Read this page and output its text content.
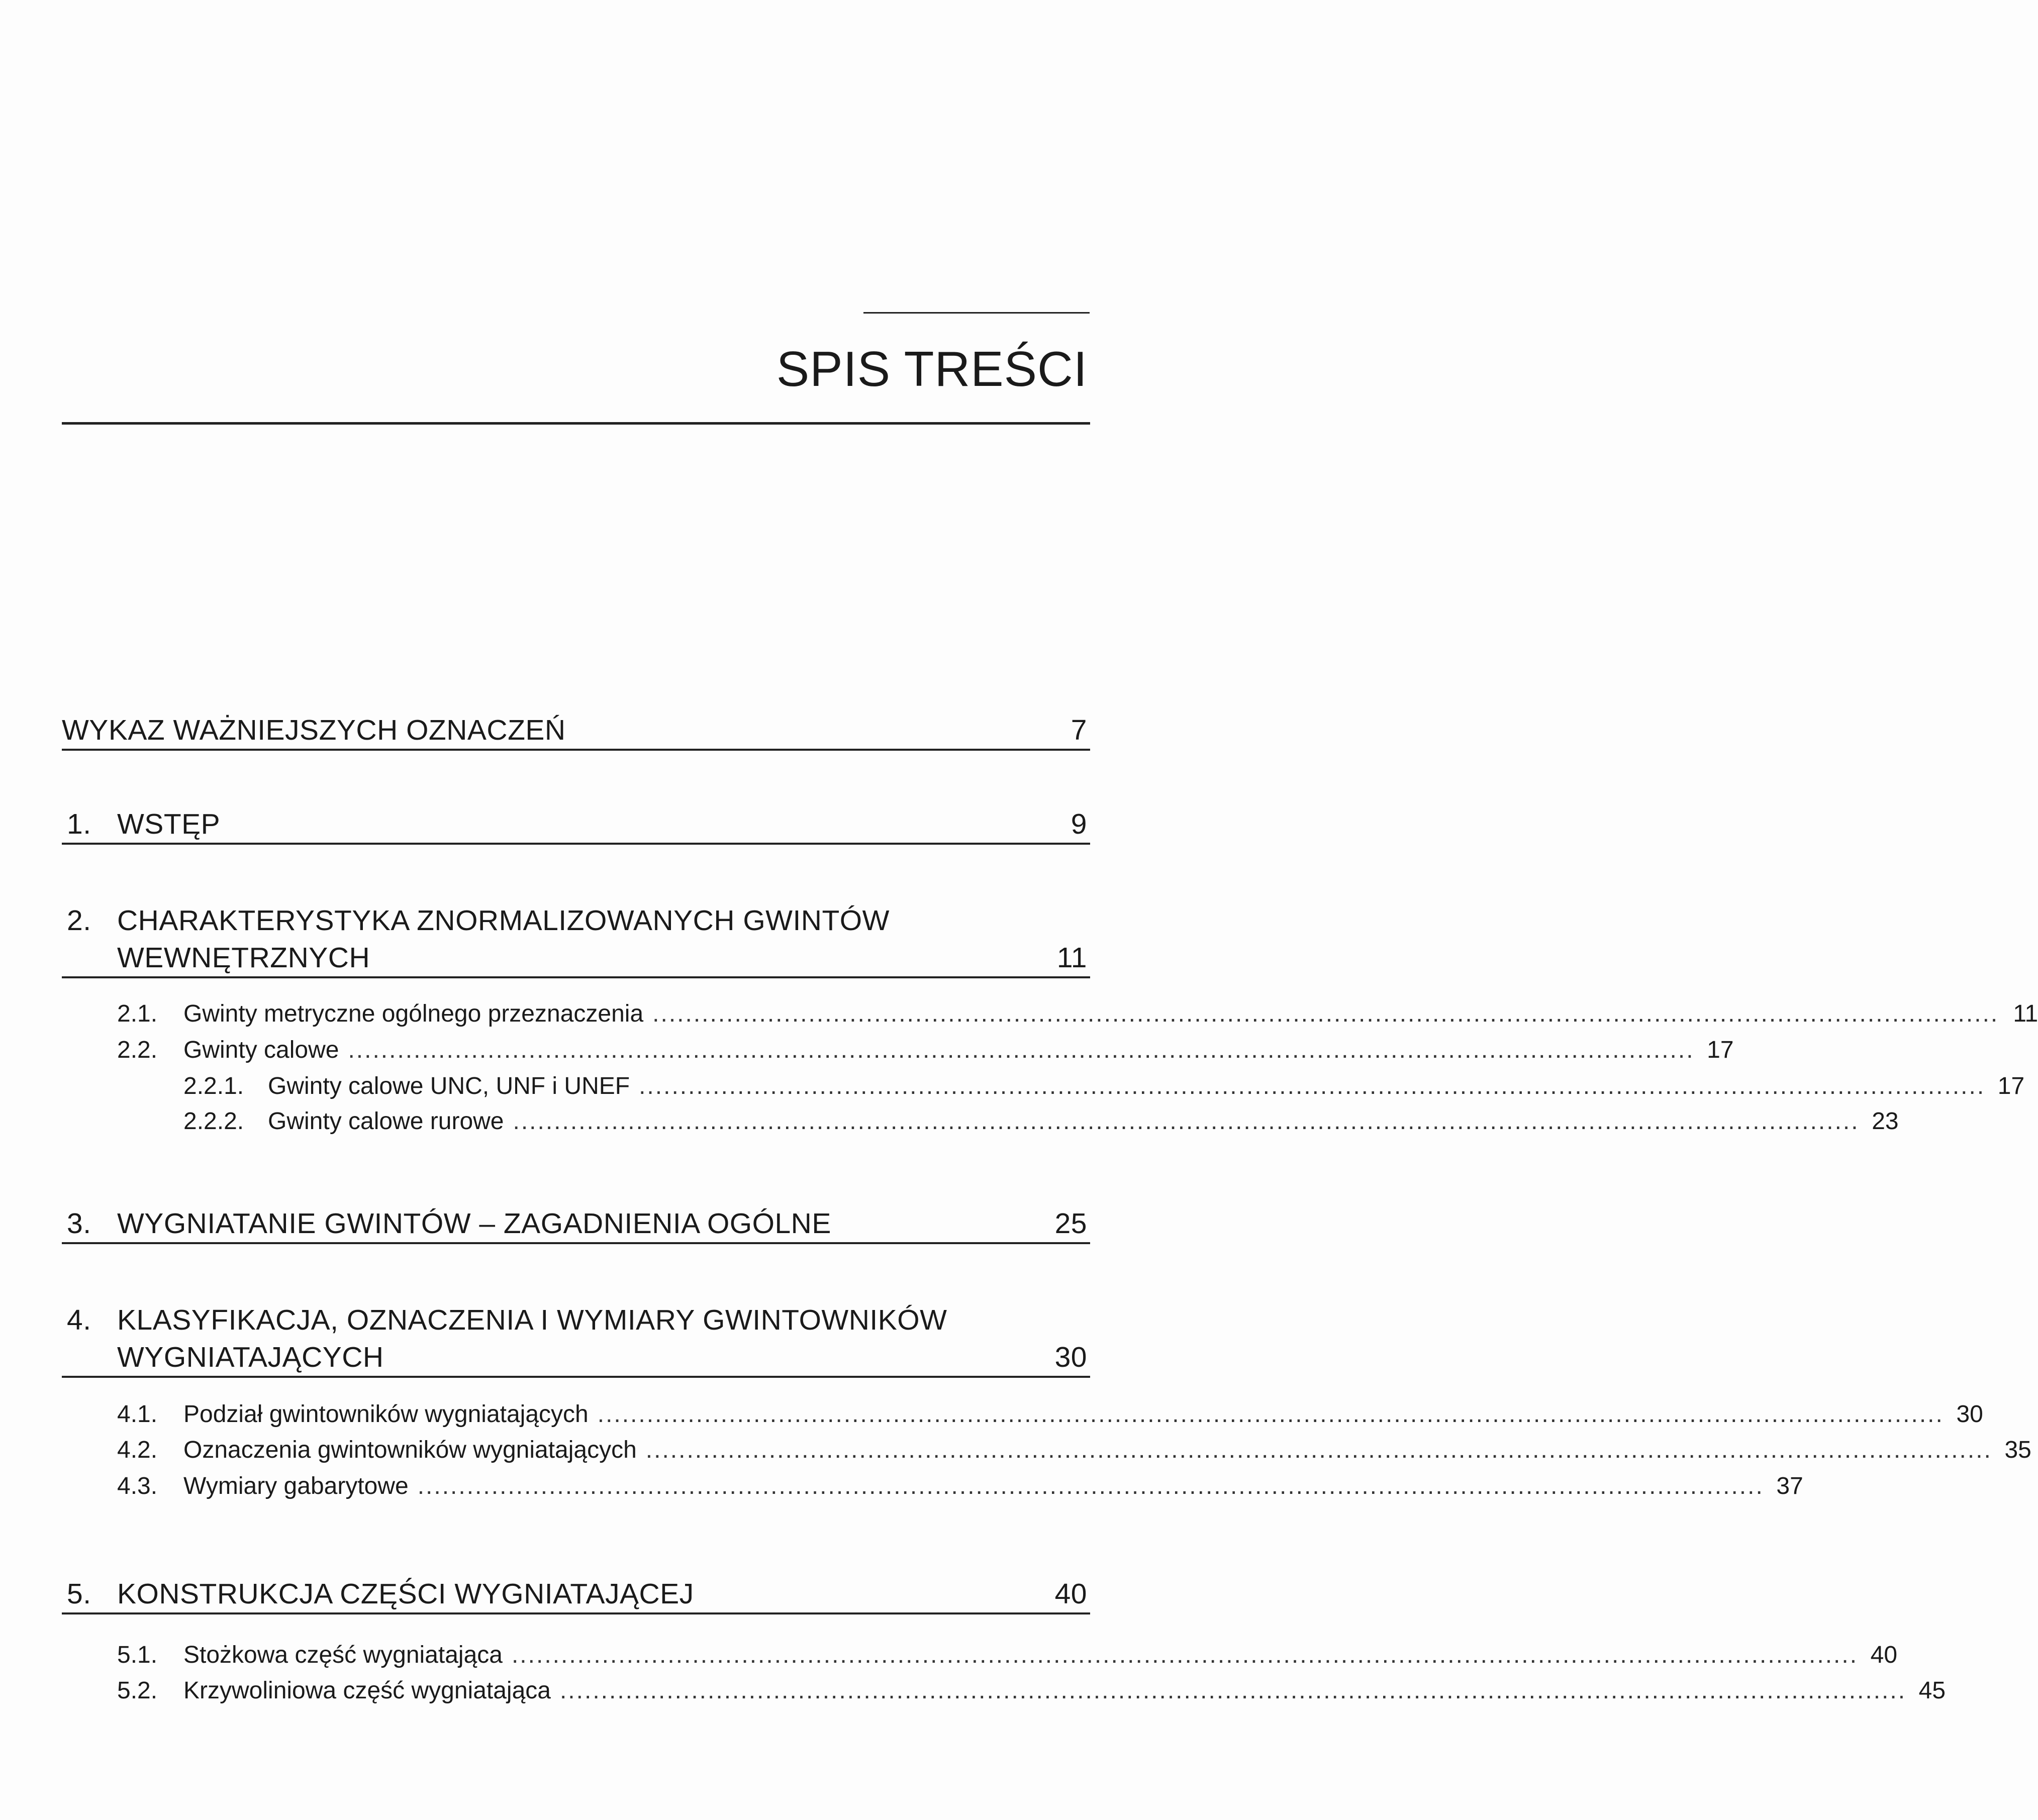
SPIS TREŚCI
WYKAZ WAŻNIEJSZYCH OZNACZEŃ	7
1. WSTĘP	9
2. CHARAKTERYSTYKA ZNORMALIZOWANYCH GWINTÓW
WEWNĘTRZNYCH	11
2.1. Gwinty metryczne ogólnego przeznaczenia .................................................................................................................................................................... 11
2.2. Gwinty calowe .................................................................................................................................................................... 17
2.2.1. Gwinty calowe UNC, UNF i UNEF .................................................................................................................................................................... 17
2.2.2. Gwinty calowe rurowe .................................................................................................................................................................... 23
3. WYGNIATANIE GWINTÓW – ZAGADNIENIA OGÓLNE	25
4. KLASYFIKACJA, OZNACZENIA I WYMIARY GWINTOWNIKÓW
WYGNIATAJĄCYCH	30
4.1. Podział gwintowników wygniatających .................................................................................................................................................................... 30
4.2. Oznaczenia gwintowników wygniatających .................................................................................................................................................................... 35
4.3. Wymiary gabarytowe .................................................................................................................................................................... 37
5. KONSTRUKCJA CZĘŚCI WYGNIATAJĄCEJ	40
5.1. Stożkowa część wygniatająca .................................................................................................................................................................... 40
5.2. Krzywoliniowa część wygniatająca .................................................................................................................................................................... 45
